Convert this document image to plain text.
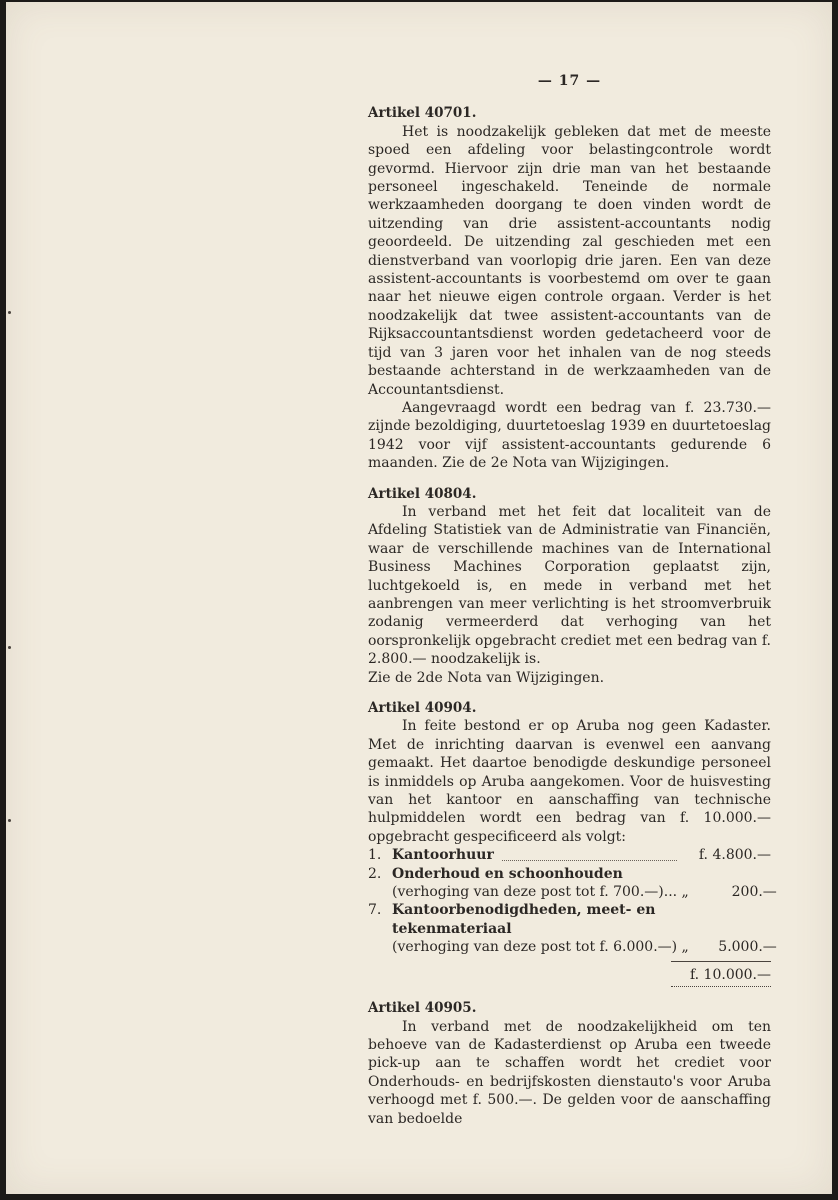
— 17 —

Artikel 40701.

Het is noodzakelijk gebleken dat met de meeste spoed een afdeling voor belastingcontrole wordt gevormd. Hiervoor zijn drie man van het bestaande personeel ingeschakeld. Teneinde de normale werkzaamheden doorgang te doen vinden wordt de uitzending van drie assistent-accountants nodig geoordeeld. De uitzending zal geschieden met een dienstverband van voorlopig drie jaren. Een van deze assistent-accountants is voorbestemd om over te gaan naar het nieuwe eigen controle orgaan. Verder is het noodzakelijk dat twee assistent-accountants van de Rijksaccountantsdienst worden gedetacheerd voor de tijd van 3 jaren voor het inhalen van de nog steeds bestaande achterstand in de werkzaamheden van de Accountantsdienst.

Aangevraagd wordt een bedrag van f. 23.730.— zijnde bezoldiging, duurtetoeslag 1939 en duurtetoeslag 1942 voor vijf assistent-accountants gedurende 6 maanden. Zie de 2e Nota van Wijzigingen.

Artikel 40804.

In verband met het feit dat localiteit van de Afdeling Statistiek van de Administratie van Financiën, waar de verschillende machines van de International Business Machines Corporation geplaatst zijn, luchtgekoeld is, en mede in verband met het aanbrengen van meer verlichting is het stroomverbruik zodanig vermeerderd dat verhoging van het oorspronkelijk opgebracht crediet met een bedrag van f. 2.800.— noodzakelijk is.

Zie de 2de Nota van Wijzigingen.

Artikel 40904.

In feite bestond er op Aruba nog geen Kadaster. Met de inrichting daarvan is evenwel een aanvang gemaakt. Het daartoe benodigde deskundige personeel is inmiddels op Aruba aangekomen. Voor de huisvesting van het kantoor en aanschaffing van technische hulpmiddelen wordt een bedrag van f. 10.000.— opgebracht gespecificeerd als volgt:

1. Kantoorhuur	f. 4.800.—
2. Onderhoud en schoonhouden
(verhoging van deze post tot f. 700.—)... „	200.—
7. Kantoorbenodigdheden, meet- en tekenmateriaal
(verhoging van deze post tot f. 6.000.—) „	5.000.—
f. 10.000.—

Artikel 40905.

In verband met de noodzakelijkheid om ten behoeve van de Kadasterdienst op Aruba een tweede pick-up aan te schaffen wordt het crediet voor Onderhouds- en bedrijfskosten dienstauto's voor Aruba verhoogd met f. 500.—. De gelden voor de aanschaffing van bedoelde
